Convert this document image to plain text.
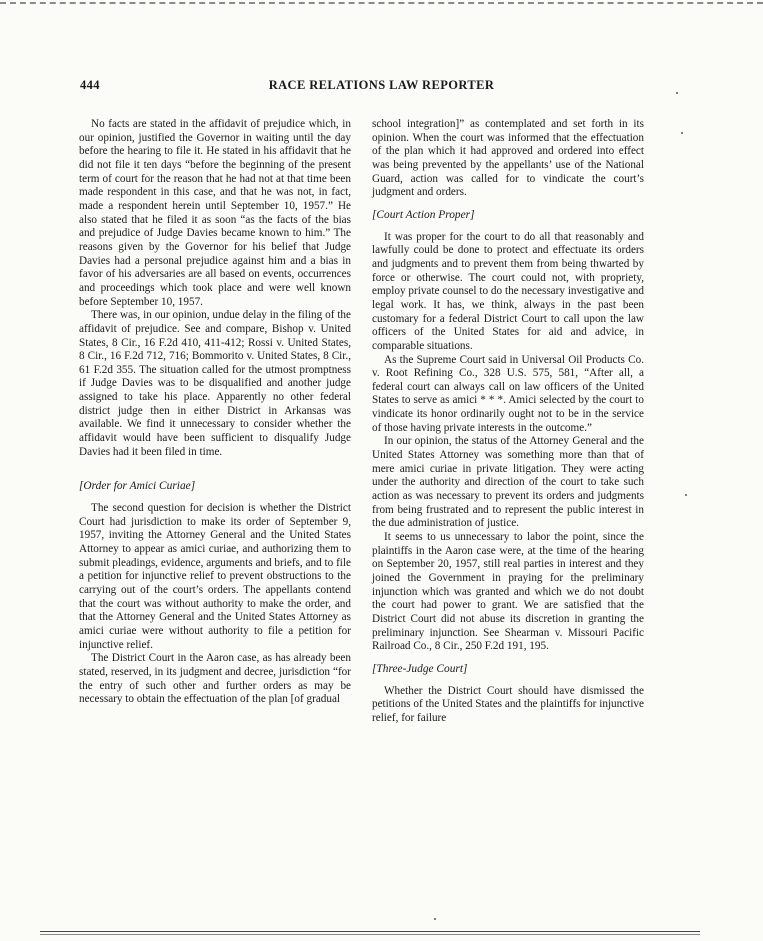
444	RACE RELATIONS LAW REPORTER

No facts are stated in the affidavit of prejudice which, in our opinion, justified the Governor in waiting until the day before the hearing to file it. He stated in his affidavit that he did not file it ten days “before the beginning of the present term of court for the reason that he had not at that time been made respondent in this case, and that he was not, in fact, made a respondent herein until September 10, 1957.” He also stated that he filed it as soon “as the facts of the bias and prejudice of Judge Davies became known to him.” The reasons given by the Governor for his belief that Judge Davies had a personal prejudice against him and a bias in favor of his adversaries are all based on events, occurrences and proceedings which took place and were well known before September 10, 1957.

There was, in our opinion, undue delay in the filing of the affidavit of prejudice. See and compare, Bishop v. United States, 8 Cir., 16 F.2d 410, 411-412; Rossi v. United States, 8 Cir., 16 F.2d 712, 716; Bommorito v. United States, 8 Cir., 61 F.2d 355. The situation called for the utmost promptness if Judge Davies was to be disqualified and another judge assigned to take his place. Apparently no other federal district judge then in either District in Arkansas was available. We find it unnecessary to consider whether the affidavit would have been sufficient to disqualify Judge Davies had it been filed in time.

[Order for Amici Curiae]

The second question for decision is whether the District Court had jurisdiction to make its order of September 9, 1957, inviting the Attorney General and the United States Attorney to appear as amici curiae, and authorizing them to submit pleadings, evidence, arguments and briefs, and to file a petition for injunctive relief to prevent obstructions to the carrying out of the court’s orders. The appellants contend that the court was without authority to make the order, and that the Attorney General and the United States Attorney as amici curiae were without authority to file a petition for injunctive relief.

The District Court in the Aaron case, as has already been stated, reserved, in its judgment and decree, jurisdiction “for the entry of such other and further orders as may be necessary to obtain the effectuation of the plan [of gradual

school integration]” as contemplated and set forth in its opinion. When the court was informed that the effectuation of the plan which it had approved and ordered into effect was being prevented by the appellants’ use of the National Guard, action was called for to vindicate the court’s judgment and orders.

[Court Action Proper]

It was proper for the court to do all that reasonably and lawfully could be done to protect and effectuate its orders and judgments and to prevent them from being thwarted by force or otherwise. The court could not, with propriety, employ private counsel to do the necessary investigative and legal work. It has, we think, always in the past been customary for a federal District Court to call upon the law officers of the United States for aid and advice, in comparable situations.

As the Supreme Court said in Universal Oil Products Co. v. Root Refining Co., 328 U.S. 575, 581, “After all, a federal court can always call on law officers of the United States to serve as amici * * *. Amici selected by the court to vindicate its honor ordinarily ought not to be in the service of those having private interests in the outcome.”

In our opinion, the status of the Attorney General and the United States Attorney was something more than that of mere amici curiae in private litigation. They were acting under the authority and direction of the court to take such action as was necessary to prevent its orders and judgments from being frustrated and to represent the public interest in the due administration of justice.

It seems to us unnecessary to labor the point, since the plaintiffs in the Aaron case were, at the time of the hearing on September 20, 1957, still real parties in interest and they joined the Government in praying for the preliminary injunction which was granted and which we do not doubt the court had power to grant. We are satisfied that the District Court did not abuse its discretion in granting the preliminary injunction. See Shearman v. Missouri Pacific Railroad Co., 8 Cir., 250 F.2d 191, 195.

[Three-Judge Court]

Whether the District Court should have dismissed the petitions of the United States and the plaintiffs for injunctive relief, for failure
